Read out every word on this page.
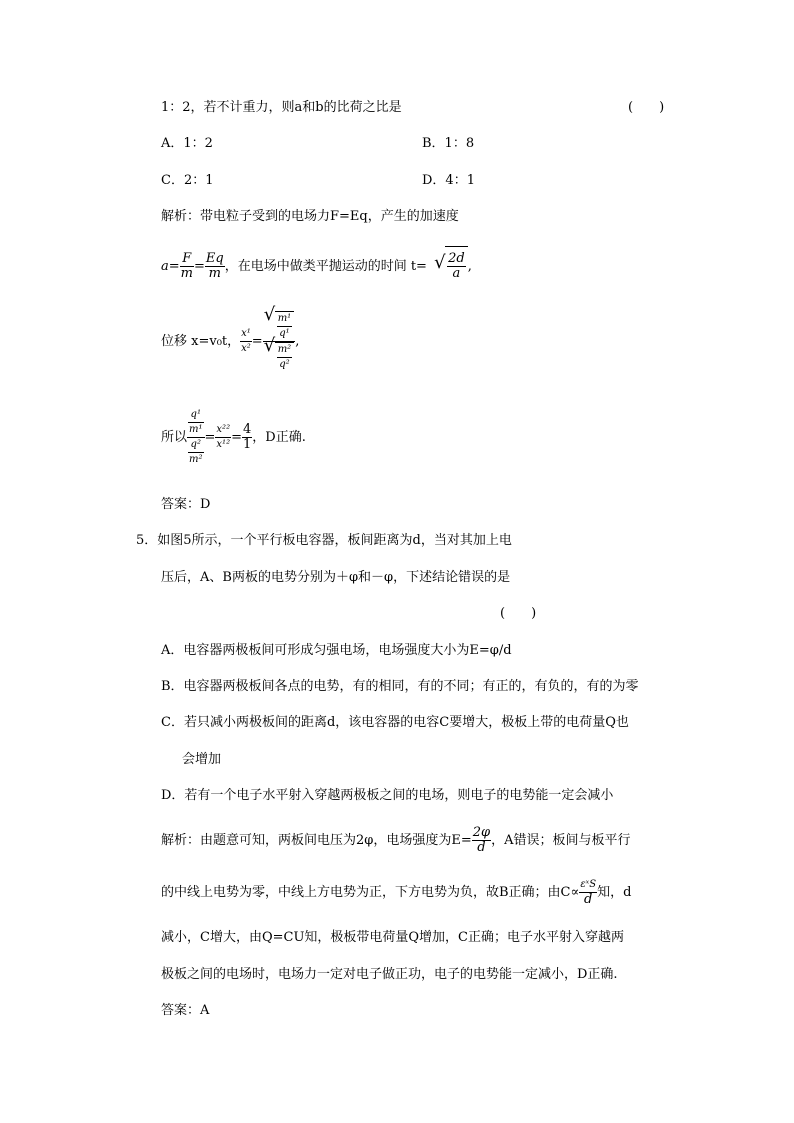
1：2，若不计重力，则a和b的比荷之比是	(　　)
A．1：2	B．1：8
C．2：1	D．4：1
解析：带电粒子受到的电场力F=Eq，产生的加速度
$a= \frac{F}{m} = \frac{Eq}{m}$ ，在电场中做类平抛运动的时间 t= √ $\frac{2d}{a}$ ,
位移 x=v₀t， $\frac{\text{x¹}}{\text{x²}}$ = √ $\frac{\text{m¹}}{\text{q¹}}$
√ $\frac{\text{m²}}{\text{q²}}$ ,
所以 $\frac{\frac{\text{q¹}}{\text{m¹}}}{\frac{\text{q²}}{\text{m²}}} = \frac{\text{x²²}}{\text{x¹²}} = \frac{4}{1}$ ，D正确.
答案：D
5．如图5所示，一个平行板电容器，板间距离为d，当对其加上电
压后，A、B两板的电势分别为＋φ和－φ，下述结论错误的是
(　　)
A．电容器两极板间可形成匀强电场，电场强度大小为E=φ/d
B．电容器两极板间各点的电势，有的相同，有的不同；有正的，有负的，有的为零
C．若只减小两极板间的距离d，该电容器的电容C要增大，极板上带的电荷量Q也
会增加
D．若有一个电子水平射入穿越两极板之间的电场，则电子的电势能一定会减小
解析：由题意可知，两板间电压为2φ，电场强度为$E= \frac{2\varphi}{d}$ ，A错误；板间与板平行
的中线上电势为零，中线上方电势为正，下方电势为负，故B正确；由$C\propto \frac{\text{εˣS}}{d}$ 知，d
减小，C增大，由Q=CU知，极板带电荷量Q增加，C正确；电子水平射入穿越两
极板之间的电场时，电场力一定对电子做正功，电子的电势能一定减小，D正确.
答案：A
